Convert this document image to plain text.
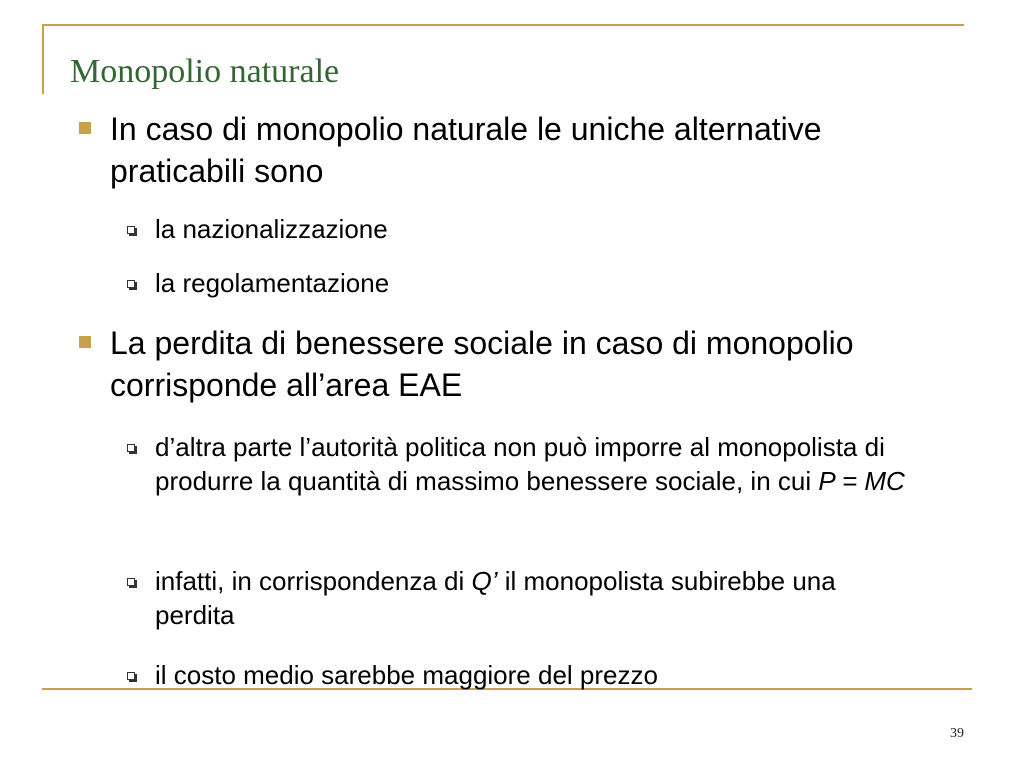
Monopolio naturale
In caso di monopolio naturale le uniche alternative praticabili sono
la nazionalizzazione
la regolamentazione
La perdita di benessere sociale in caso di monopolio corrisponde all’area EAE
d’altra parte l’autorità politica non può imporre al monopolista di produrre la quantità di massimo benessere sociale, in cui P = MC
infatti, in corrispondenza di Q’ il monopolista subirebbe una perdita
il costo medio sarebbe maggiore del prezzo
39
